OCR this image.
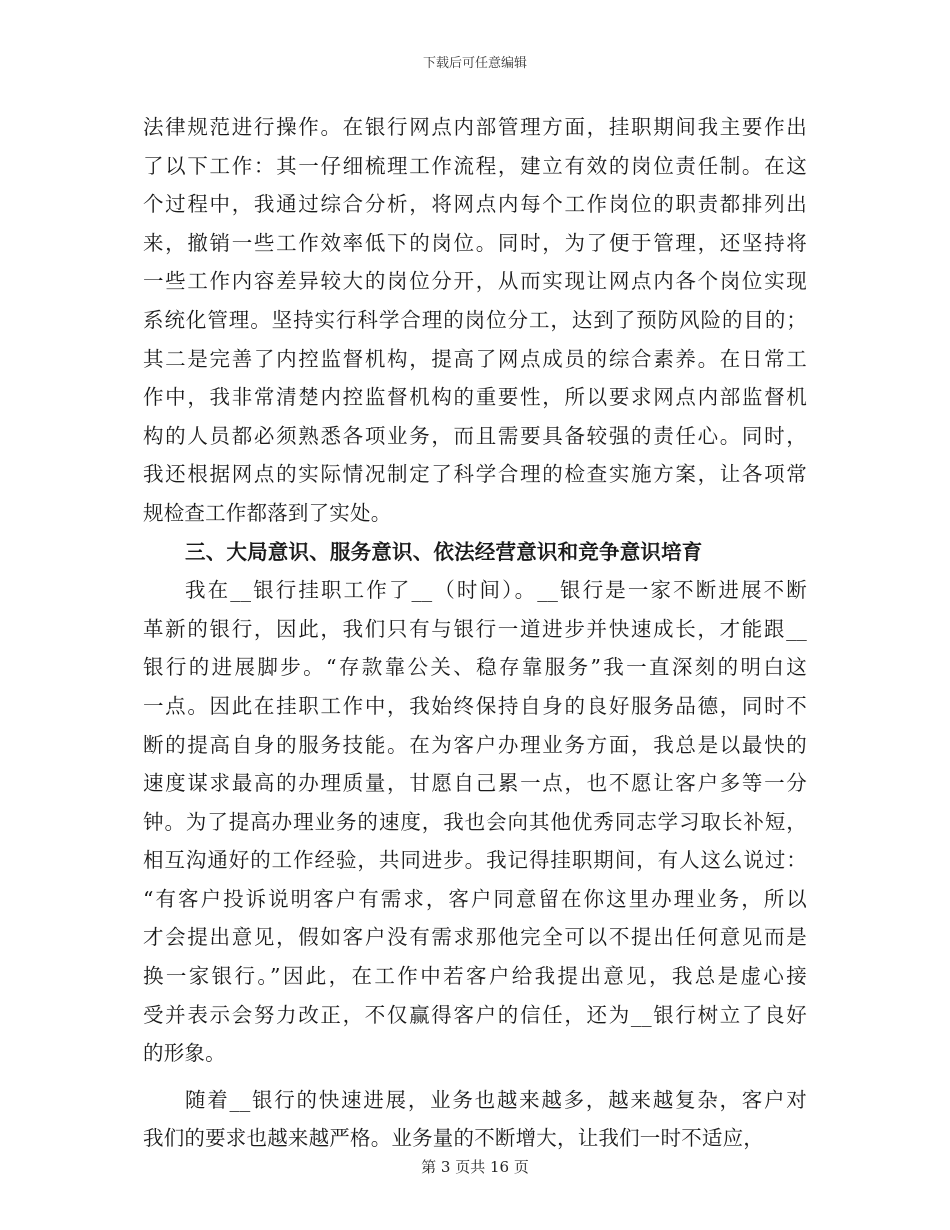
下载后可任意编辑
法律规范进行操作。在银行网点内部管理方面，挂职期间我主要作出
了以下工作：其一仔细梳理工作流程，建立有效的岗位责任制。在这
个过程中，我通过综合分析，将网点内每个工作岗位的职责都排列出
来，撤销一些工作效率低下的岗位。同时，为了便于管理，还坚持将
一些工作内容差异较大的岗位分开，从而实现让网点内各个岗位实现
系统化管理。坚持实行科学合理的岗位分工，达到了预防风险的目的；
其二是完善了内控监督机构，提高了网点成员的综合素养。在日常工
作中，我非常清楚内控监督机构的重要性，所以要求网点内部监督机
构的人员都必须熟悉各项业务，而且需要具备较强的责任心。同时，
我还根据网点的实际情况制定了科学合理的检查实施方案，让各项常
规检查工作都落到了实处。
三、大局意识、服务意识、依法经营意识和竞争意识培育
我在__银行挂职工作了__（时间）。__银行是一家不断进展不断
革新的银行，因此，我们只有与银行一道进步并快速成长，才能跟__
银行的进展脚步。“存款靠公关、稳存靠服务”我一直深刻的明白这
一点。因此在挂职工作中，我始终保持自身的良好服务品德，同时不
断的提高自身的服务技能。在为客户办理业务方面，我总是以最快的
速度谋求最高的办理质量，甘愿自己累一点，也不愿让客户多等一分
钟。为了提高办理业务的速度，我也会向其他优秀同志学习取长补短，
相互沟通好的工作经验，共同进步。我记得挂职期间，有人这么说过：
“有客户投诉说明客户有需求，客户同意留在你这里办理业务，所以
才会提出意见，假如客户没有需求那他完全可以不提出任何意见而是
换一家银行。”因此，在工作中若客户给我提出意见，我总是虚心接
受并表示会努力改正，不仅赢得客户的信任，还为__银行树立了良好
的形象。
随着__银行的快速进展，业务也越来越多，越来越复杂，客户对
我们的要求也越来越严格。业务量的不断增大，让我们一时不适应，
第 3 页共 16 页
